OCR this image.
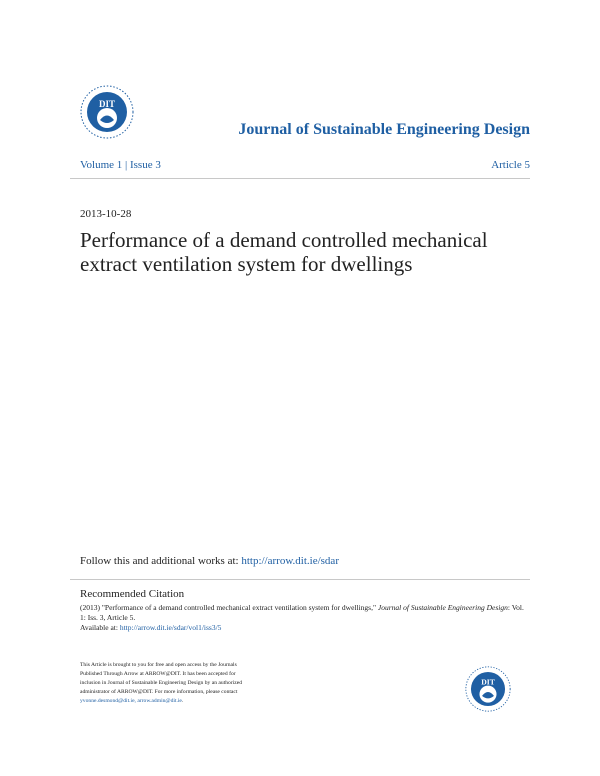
DIT
Journal of Sustainable Engineering Design
Volume 1 | Issue 3	Article 5
2013-10-28
Performance of a demand controlled mechanical
extract ventilation system for dwellings
Follow this and additional works at: http://arrow.dit.ie/sdar
Recommended Citation
(2013) "Performance of a demand controlled mechanical extract ventilation system for dwellings," Journal of Sustainable Engineering Design: Vol. 1: Iss. 3, Article 5.
Available at: http://arrow.dit.ie/sdar/vol1/iss3/5
This Article is brought to you for free and open access by the Journals
Published Through Arrow at ARROW@DIT. It has been accepted for
inclusion in Journal of Sustainable Engineering Design by an authorized
administrator of ARROW@DIT. For more information, please contact
yvonne.desmond@dit.ie, arrow.admin@dit.ie.
DIT
